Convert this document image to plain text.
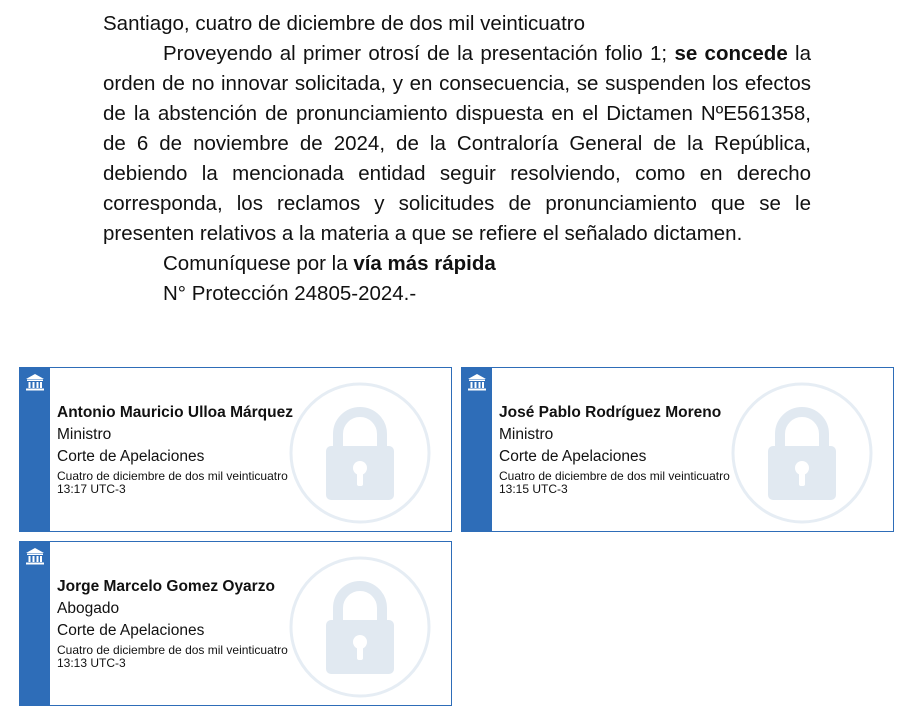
Santiago, cuatro de diciembre de dos mil veinticuatro

Proveyendo al primer otrosí de la presentación folio 1; se concede la orden de no innovar solicitada, y en consecuencia, se suspenden los efectos de la abstención de pronunciamiento dispuesta en el Dictamen NºE561358, de 6 de noviembre de 2024, de la Contraloría General de la República, debiendo la mencionada entidad seguir resolviendo, como en derecho corresponda, los reclamos y solicitudes de pronunciamiento que se le presenten relativos a la materia a que se refiere el señalado dictamen.

Comuníquese por la vía más rápida

N° Protección 24805-2024.-

Antonio Mauricio Ulloa Márquez
Ministro
Corte de Apelaciones
Cuatro de diciembre de dos mil veinticuatro
13:17 UTC-3
José Pablo Rodríguez Moreno
Ministro
Corte de Apelaciones
Cuatro de diciembre de dos mil veinticuatro
13:15 UTC-3
Jorge Marcelo Gomez Oyarzo
Abogado
Corte de Apelaciones
Cuatro de diciembre de dos mil veinticuatro
13:13 UTC-3
